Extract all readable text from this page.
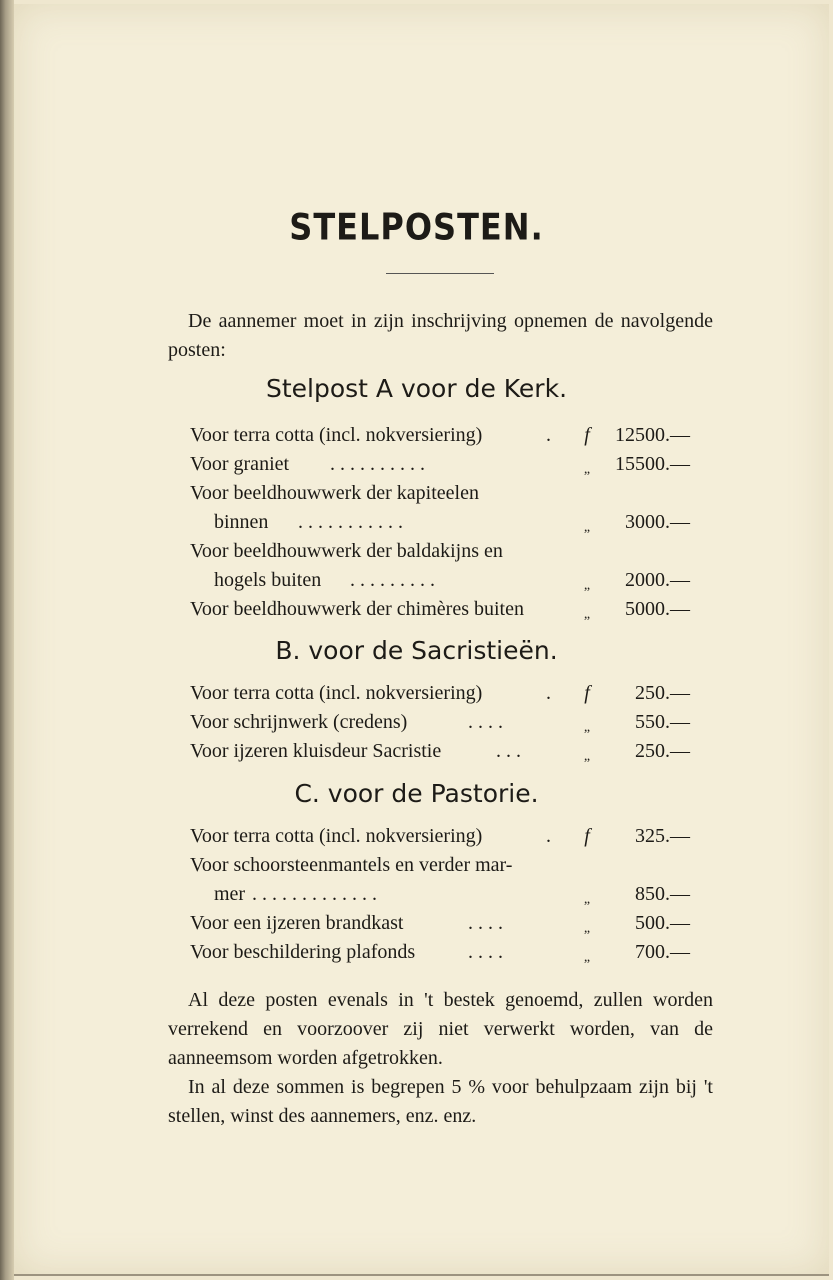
STELPOSTEN.
De aannemer moet in zijn inschrijving opnemen de navolgende posten:
Stelpost A voor de Kerk.
Voor terra cotta (incl. nokversiering)	.	f	12500.—
Voor graniet ..........	„	15500.—
Voor beeldhouwwerk der kapiteelen
binnen ...........	„	3000.—
Voor beeldhouwwerk der baldakijns en
hogels buiten .........	„	2000.—
Voor beeldhouwwerk der chimères buiten	„	5000.—
B. voor de Sacristieën.
Voor terra cotta (incl. nokversiering)	.	f	250.—
Voor schrijnwerk (credens)	....	„	550.—
Voor ijzeren kluisdeur Sacristie	...	„	250.—
C. voor de Pastorie.
Voor terra cotta (incl. nokversiering)	.	f	325.—
Voor schoorsteenmantels en verder mar-
mer .............	„	850.—
Voor een ijzeren brandkast	....	„	500.—
Voor beschildering plafonds	....	„	700.—
Al deze posten evenals in 't bestek genoemd, zullen worden verrekend en voorzoover zij niet verwerkt worden, van de aanneemsom worden afgetrokken.
In al deze sommen is begrepen 5 % voor behulpzaam zijn bij 't stellen, winst des aannemers, enz. enz.
